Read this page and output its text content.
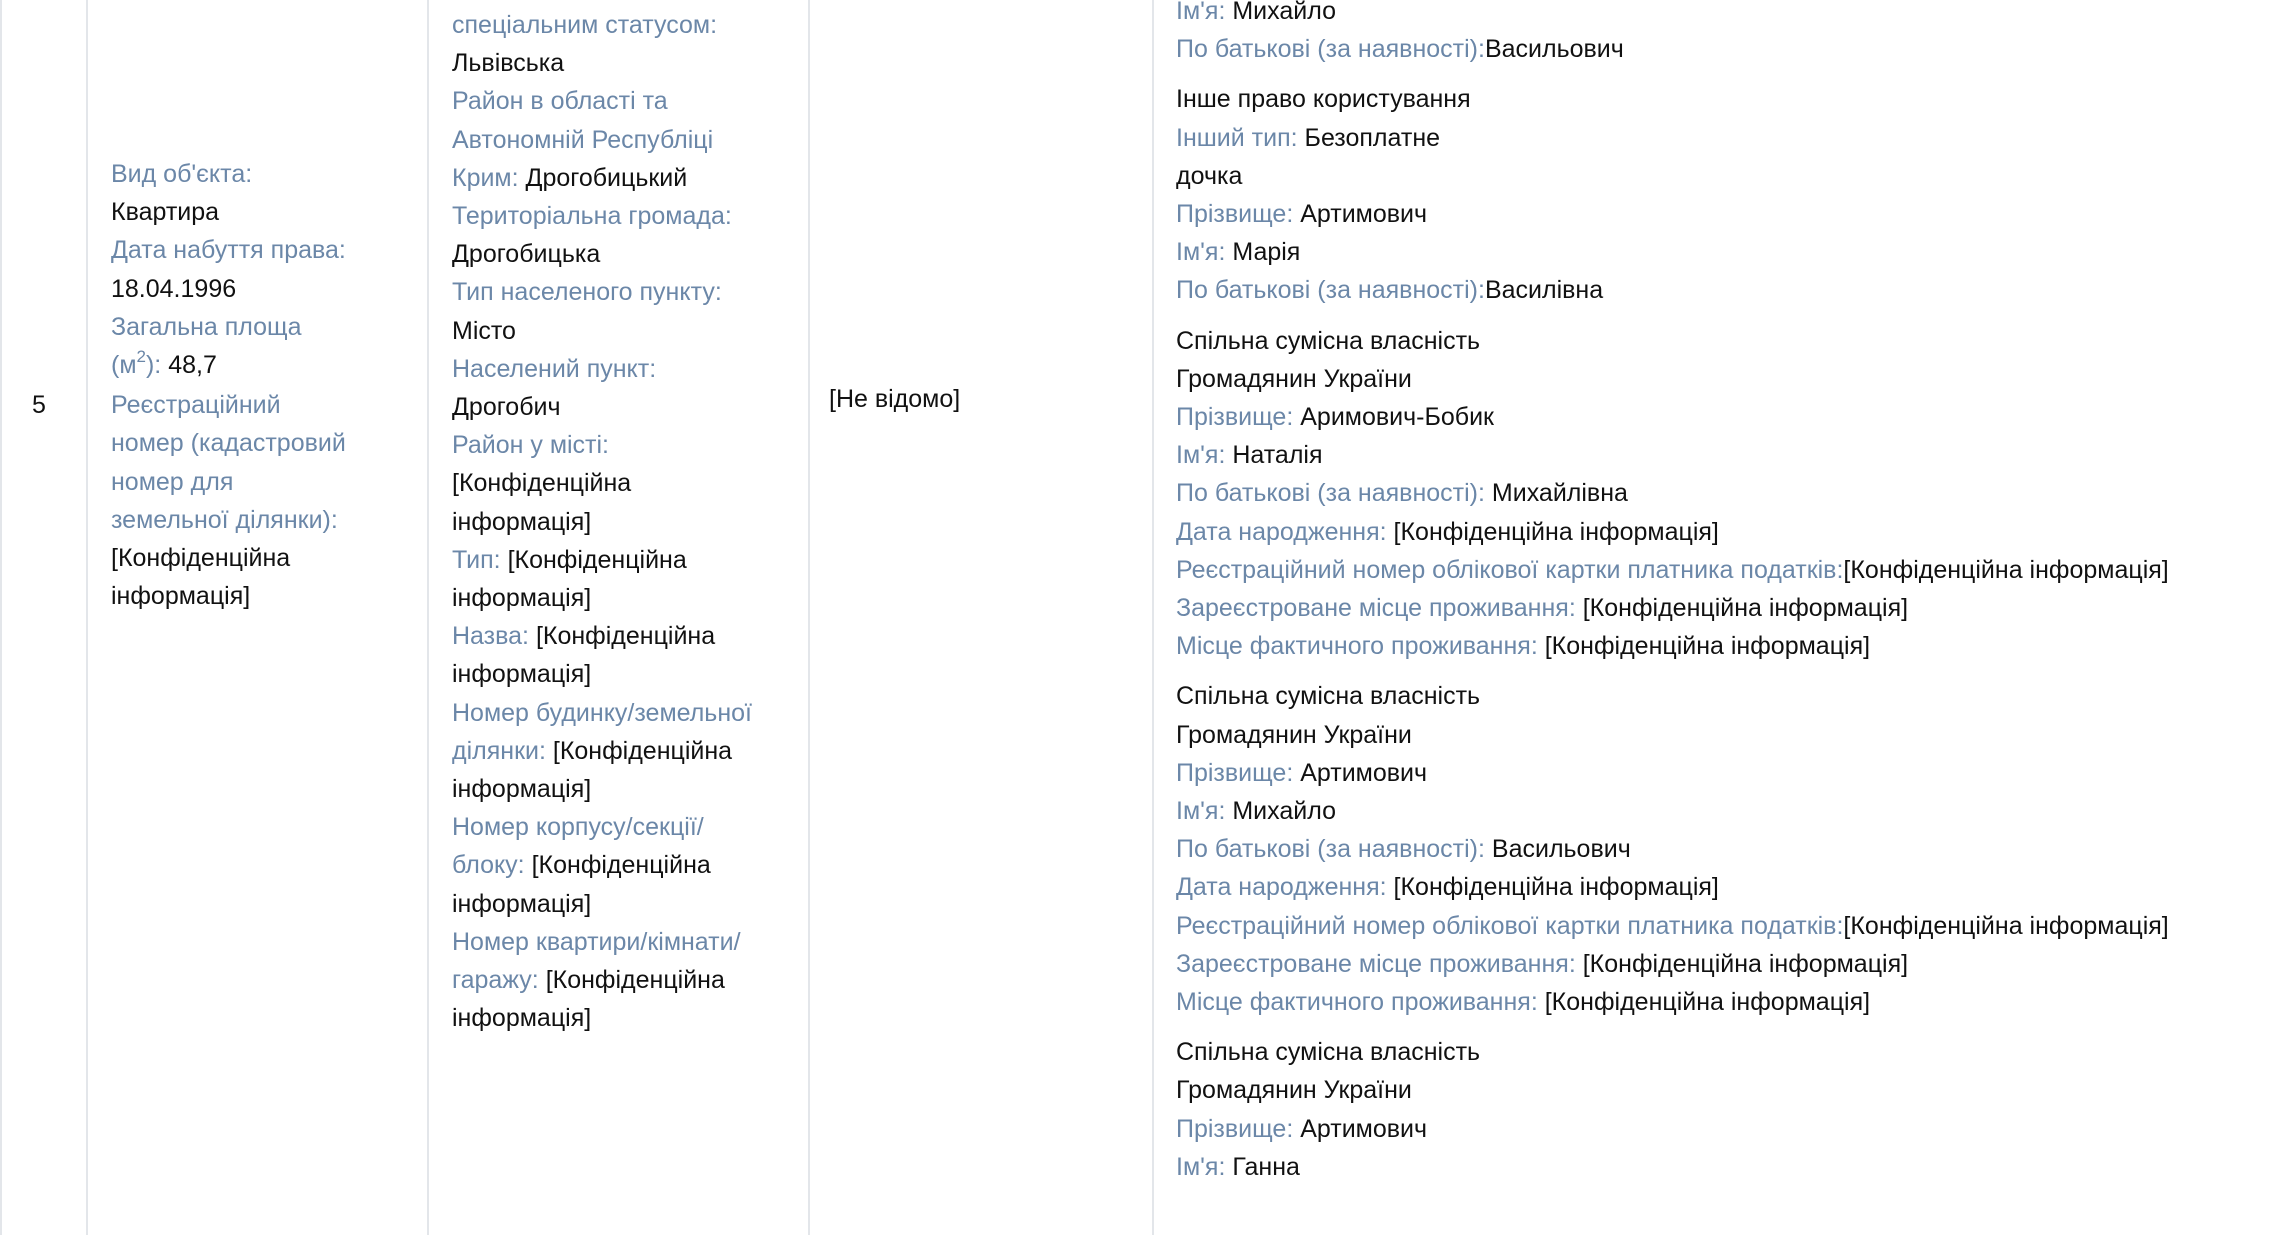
5
Вид об'єкта:
Квартира
Дата набуття права:
18.04.1996
Загальна площа
$(м^2)$: 48,7
Реєстраційний
номер (кадастровий
номер для
земельної ділянки):
[Конфіденційна
інформація]
спеціальним статусом:
Львівська
Район в області та
Автономній Республіці
Крим: Дрогобицький
Територіальна громада:
Дрогобицька
Тип населеного пункту:
Місто
Населений пункт:
Дрогобич
Район у місті:
[Конфіденційна
інформація]
Тип: [Конфіденційна
інформація]
Назва: [Конфіденційна
інформація]
Номер будинку/земельної
ділянки: [Конфіденційна
інформація]
Номер корпусу/секції/
блоку: [Конфіденційна
інформація]
Номер квартири/кімнати/
гаражу: [Конфіденційна
інформація]
[Не відомо]
Ім'я: Михайло
По батькові (за наявності):Васильович
Інше право користування
Інший тип: Безоплатне
дочка
Прізвище: Артимович
Ім'я: Марія
По батькові (за наявності):Василівна
Спільна сумісна власність
Громадянин України
Прізвище: Аримович-Бобик
Ім'я: Наталія
По батькові (за наявності): Михайлівна
Дата народження: [Конфіденційна інформація]
Реєстраційний номер облікової картки платника податків:[Конфіденційна інформація]
Зареєстроване місце проживання: [Конфіденційна інформація]
Місце фактичного проживання: [Конфіденційна інформація]
Спільна сумісна власність
Громадянин України
Прізвище: Артимович
Ім'я: Михайло
По батькові (за наявності): Васильович
Дата народження: [Конфіденційна інформація]
Реєстраційний номер облікової картки платника податків:[Конфіденційна інформація]
Зареєстроване місце проживання: [Конфіденційна інформація]
Місце фактичного проживання: [Конфіденційна інформація]
Спільна сумісна власність
Громадянин України
Прізвище: Артимович
Ім'я: Ганна
